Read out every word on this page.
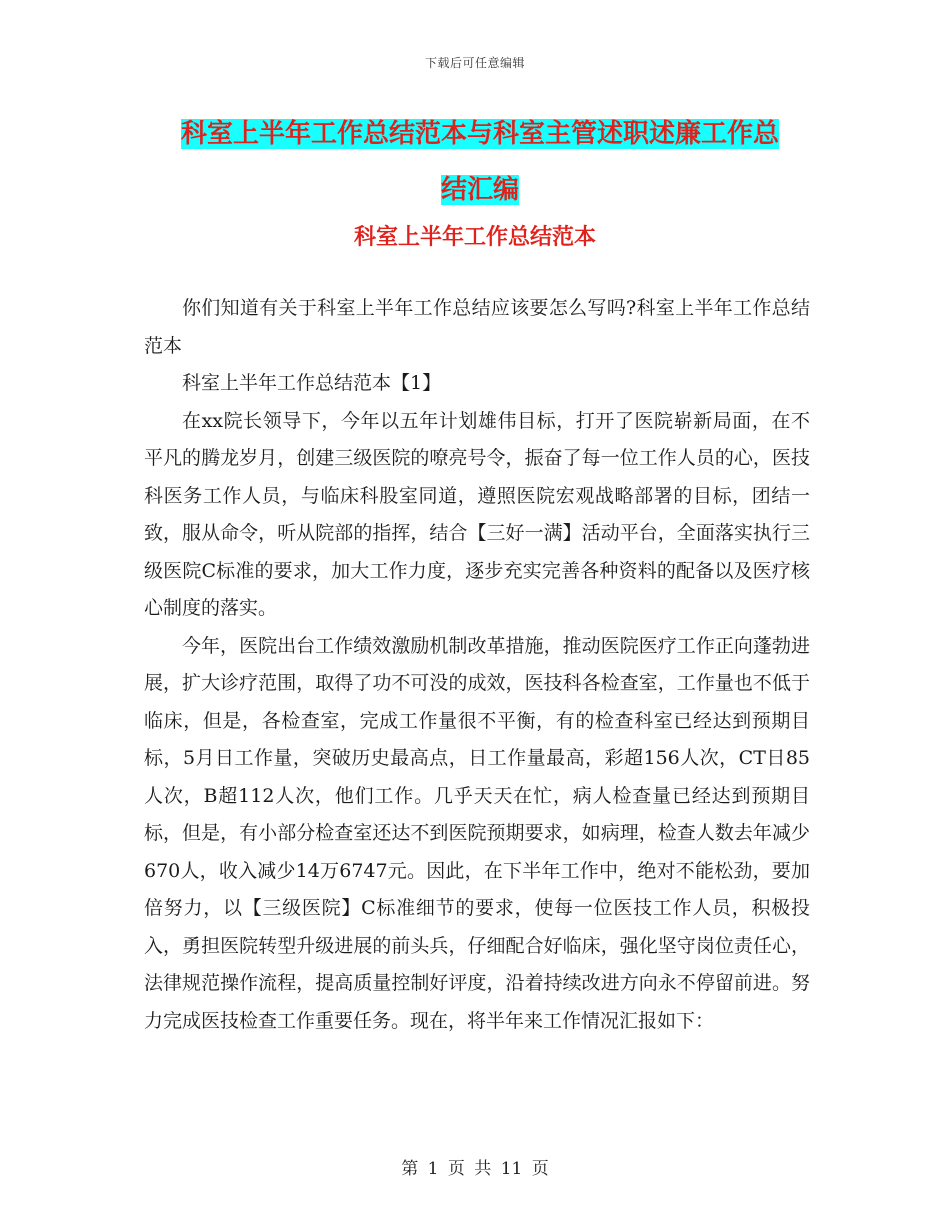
下载后可任意编辑
科室上半年工作总结范本与科室主管述职述廉工作总
结汇编
科室上半年工作总结范本

你们知道有关于科室上半年工作总结应该要怎么写吗?科室上半年工作总结范本

科室上半年工作总结范本【1】

在xx院长领导下，今年以五年计划雄伟目标，打开了医院崭新局面，在不平凡的腾龙岁月，创建三级医院的嘹亮号令，振奋了每一位工作人员的心，医技科医务工作人员，与临床科股室同道，遵照医院宏观战略部署的目标，团结一致，服从命令，听从院部的指挥，结合【三好一满】活动平台，全面落实执行三级医院C标准的要求，加大工作力度，逐步充实完善各种资料的配备以及医疗核心制度的落实。

今年，医院出台工作绩效激励机制改革措施，推动医院医疗工作正向蓬勃进展，扩大诊疗范围，取得了功不可没的成效，医技科各检查室，工作量也不低于临床，但是，各检查室，完成工作量很不平衡，有的检查科室已经达到预期目标，5月日工作量，突破历史最高点，日工作量最高，彩超156人次，CT日85人次，B超112人次，他们工作。几乎天天在忙，病人检查量已经达到预期目标，但是，有小部分检查室还达不到医院预期要求，如病理，检查人数去年减少670人，收入减少14万6747元。因此，在下半年工作中，绝对不能松劲，要加倍努力，以【三级医院】C标准细节的要求，使每一位医技工作人员，积极投入，勇担医院转型升级进展的前头兵，仔细配合好临床，强化坚守岗位责任心，法律规范操作流程，提高质量控制好评度，沿着持续改进方向永不停留前进。努力完成医技检查工作重要任务。现在，将半年来工作情况汇报如下：

第 1 页 共 11 页
